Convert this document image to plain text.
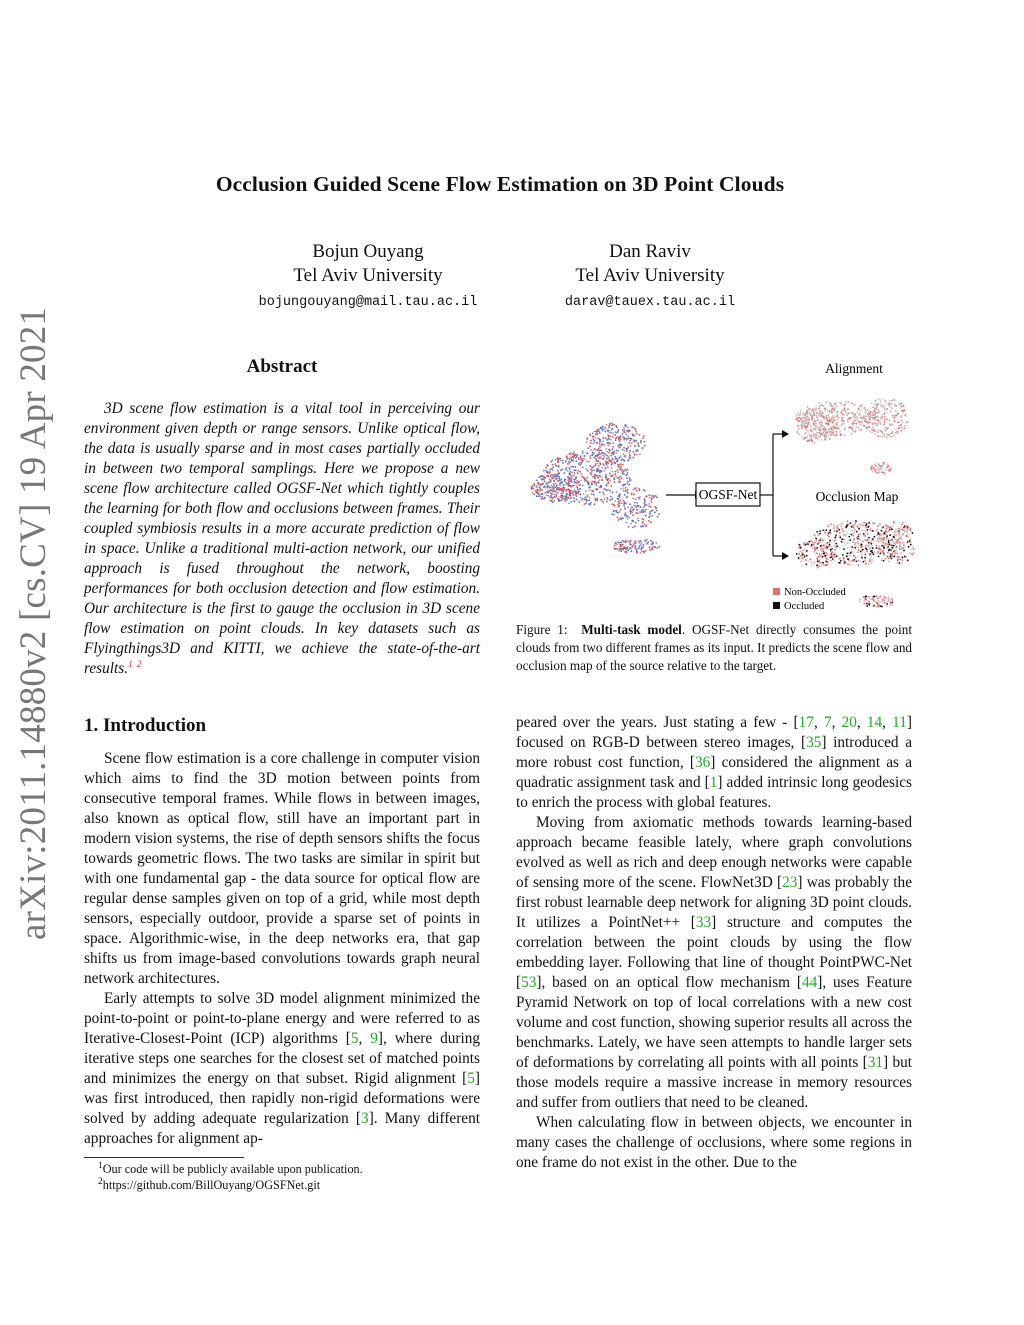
arXiv:2011.14880v2 [cs.CV] 19 Apr 2021
Occlusion Guided Scene Flow Estimation on 3D Point Clouds
Bojun Ouyang
Tel Aviv University
bojungouyang@mail.tau.ac.il
Dan Raviv
Tel Aviv University
darav@tauex.tau.ac.il
Abstract

3D scene flow estimation is a vital tool in perceiving our environment given depth or range sensors. Unlike optical flow, the data is usually sparse and in most cases partially occluded in between two temporal samplings. Here we propose a new scene flow architecture called OGSF-Net which tightly couples the learning for both flow and occlusions between frames. Their coupled symbiosis results in a more accurate prediction of flow in space. Unlike a traditional multi-action network, our unified approach is fused throughout the network, boosting performances for both occlusion detection and flow estimation. Our architecture is the first to gauge the occlusion in 3D scene flow estimation on point clouds. In key datasets such as Flyingthings3D and KITTI, we achieve the state-of-the-art results.$^1$ $^2$

OGSF-Net
Alignment
Occlusion Map
Non-Occluded
Occluded
Figure 1: Multi-task model. OGSF-Net directly consumes the point clouds from two different frames as its input. It predicts the scene flow and occlusion map of the source relative to the target.
1. Introduction

Scene flow estimation is a core challenge in computer vision which aims to find the 3D motion between points from consecutive temporal frames. While flows in between images, also known as optical flow, still have an important part in modern vision systems, the rise of depth sensors shifts the focus towards geometric flows. The two tasks are similar in spirit but with one fundamental gap - the data source for optical flow are regular dense samples given on top of a grid, while most depth sensors, especially outdoor, provide a sparse set of points in space. Algorithmic-wise, in the deep networks era, that gap shifts us from image-based convolutions towards graph neural network architectures.

Early attempts to solve 3D model alignment minimized the point-to-point or point-to-plane energy and were referred to as Iterative-Closest-Point (ICP) algorithms [5, 9], where during iterative steps one searches for the closest set of matched points and minimizes the energy on that subset. Rigid alignment [5] was first introduced, then rapidly non-rigid deformations were solved by adding adequate regularization [3]. Many different approaches for alignment ap-

$^1$Our code will be publicly available upon publication.
$^2$https://github.com/BillOuyang/OGSFNet.git

peared over the years. Just stating a few - [17, 7, 20, 14, 11] focused on RGB-D between stereo images, [35] introduced a more robust cost function, [36] considered the alignment as a quadratic assignment task and [1] added intrinsic long geodesics to enrich the process with global features.

Moving from axiomatic methods towards learning-based approach became feasible lately, where graph convolutions evolved as well as rich and deep enough networks were capable of sensing more of the scene. FlowNet3D [23] was probably the first robust learnable deep network for aligning 3D point clouds. It utilizes a PointNet++ [33] structure and computes the correlation between the point clouds by using the flow embedding layer. Following that line of thought PointPWC-Net [53], based on an optical flow mechanism [44], uses Feature Pyramid Network on top of local correlations with a new cost volume and cost function, showing superior results all across the benchmarks. Lately, we have seen attempts to handle larger sets of deformations by correlating all points with all points [31] but those models require a massive increase in memory resources and suffer from outliers that need to be cleaned.

When calculating flow in between objects, we encounter in many cases the challenge of occlusions, where some regions in one frame do not exist in the other. Due to the
